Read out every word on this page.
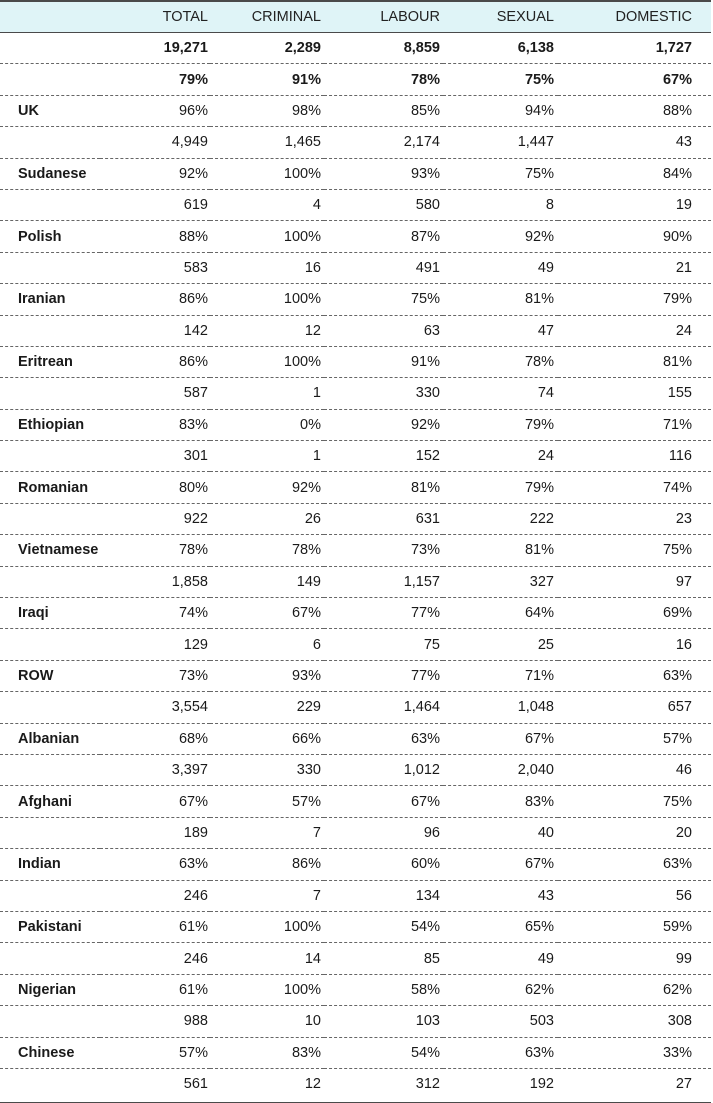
	TOTAL	CRIMINAL	LABOUR	SEXUAL	DOMESTIC
	19,271	2,289	8,859	6,138	1,727
	79%	91%	78%	75%	67%
UK	96%	98%	85%	94%	88%
	4,949	1,465	2,174	1,447	43
Sudanese	92%	100%	93%	75%	84%
	619	4	580	8	19
Polish	88%	100%	87%	92%	90%
	583	16	491	49	21
Iranian	86%	100%	75%	81%	79%
	142	12	63	47	24
Eritrean	86%	100%	91%	78%	81%
	587	1	330	74	155
Ethiopian	83%	0%	92%	79%	71%
	301	1	152	24	116
Romanian	80%	92%	81%	79%	74%
	922	26	631	222	23
Vietnamese	78%	78%	73%	81%	75%
	1,858	149	1,157	327	97
Iraqi	74%	67%	77%	64%	69%
	129	6	75	25	16
ROW	73%	93%	77%	71%	63%
	3,554	229	1,464	1,048	657
Albanian	68%	66%	63%	67%	57%
	3,397	330	1,012	2,040	46
Afghani	67%	57%	67%	83%	75%
	189	7	96	40	20
Indian	63%	86%	60%	67%	63%
	246	7	134	43	56
Pakistani	61%	100%	54%	65%	59%
	246	14	85	49	99
Nigerian	61%	100%	58%	62%	62%
	988	10	103	503	308
Chinese	57%	83%	54%	63%	33%
	561	12	312	192	27
